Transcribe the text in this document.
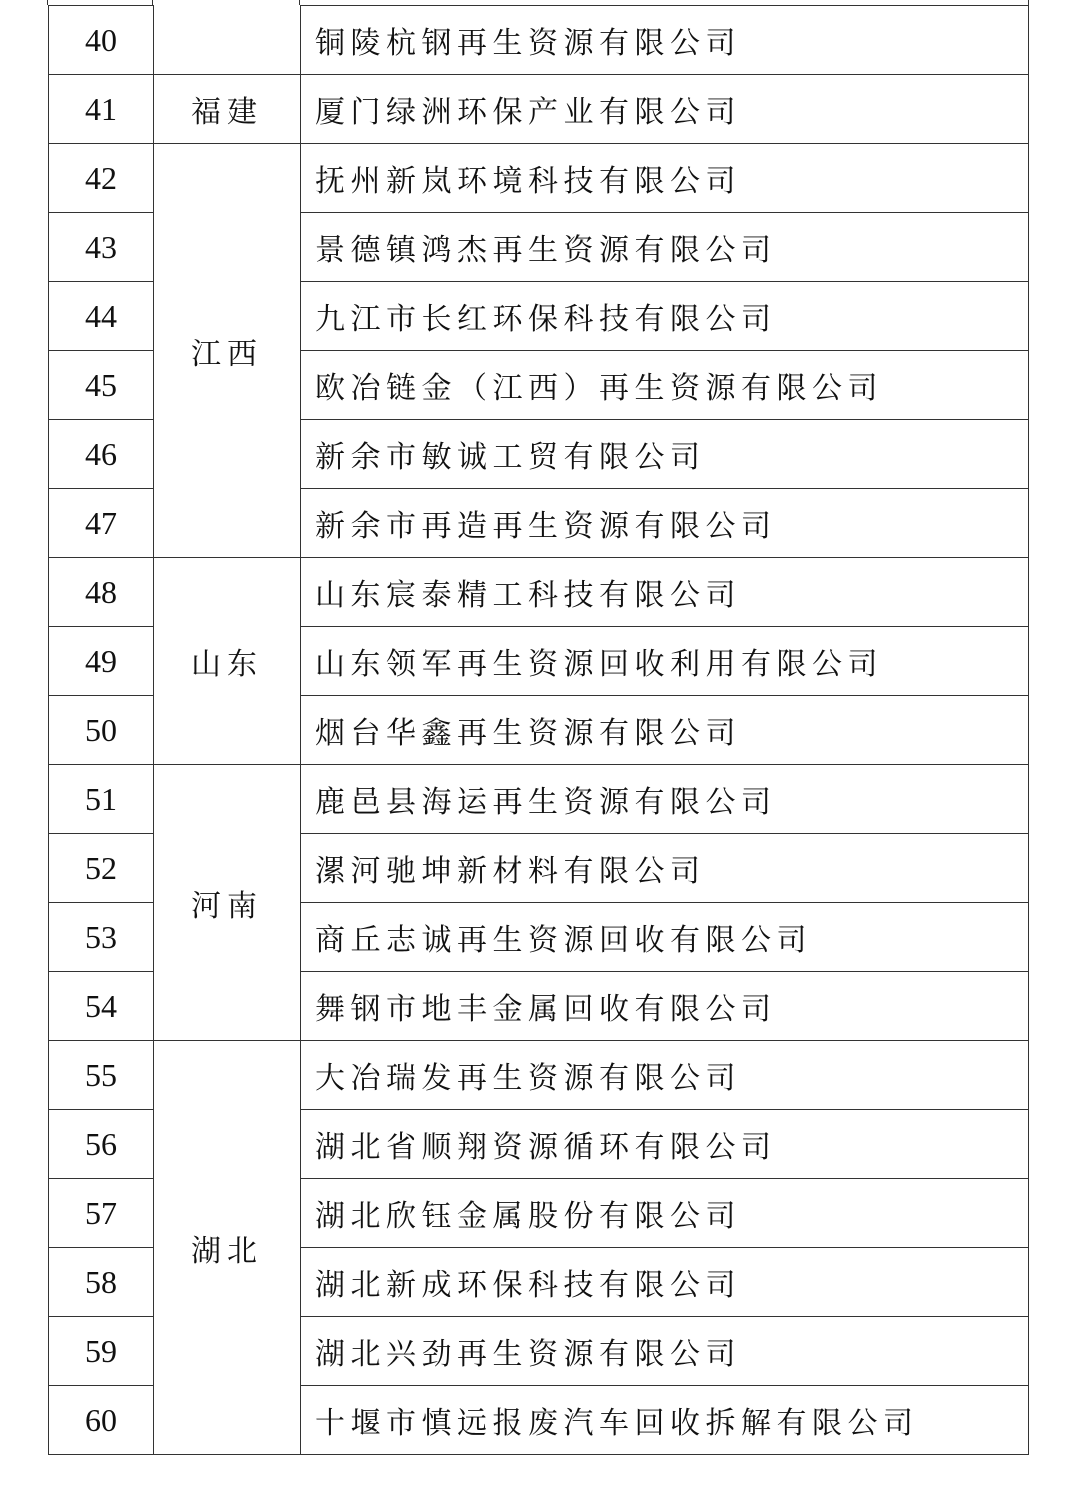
40		铜陵杭钢再生资源有限公司
41	福建	厦门绿洲环保产业有限公司
42	江西	抚州新岚环境科技有限公司
43		景德镇鸿杰再生资源有限公司
44		九江市长红环保科技有限公司
45		欧冶链金（江西）再生资源有限公司
46		新余市敏诚工贸有限公司
47		新余市再造再生资源有限公司
48	山东	山东宸泰精工科技有限公司
49		山东领军再生资源回收利用有限公司
50		烟台华鑫再生资源有限公司
51	河南	鹿邑县海运再生资源有限公司
52		漯河驰坤新材料有限公司
53		商丘志诚再生资源回收有限公司
54		舞钢市地丰金属回收有限公司
55	湖北	大冶瑞发再生资源有限公司
56		湖北省顺翔资源循环有限公司
57		湖北欣钰金属股份有限公司
58		湖北新成环保科技有限公司
59		湖北兴劲再生资源有限公司
60		十堰市慎远报废汽车回收拆解有限公司
